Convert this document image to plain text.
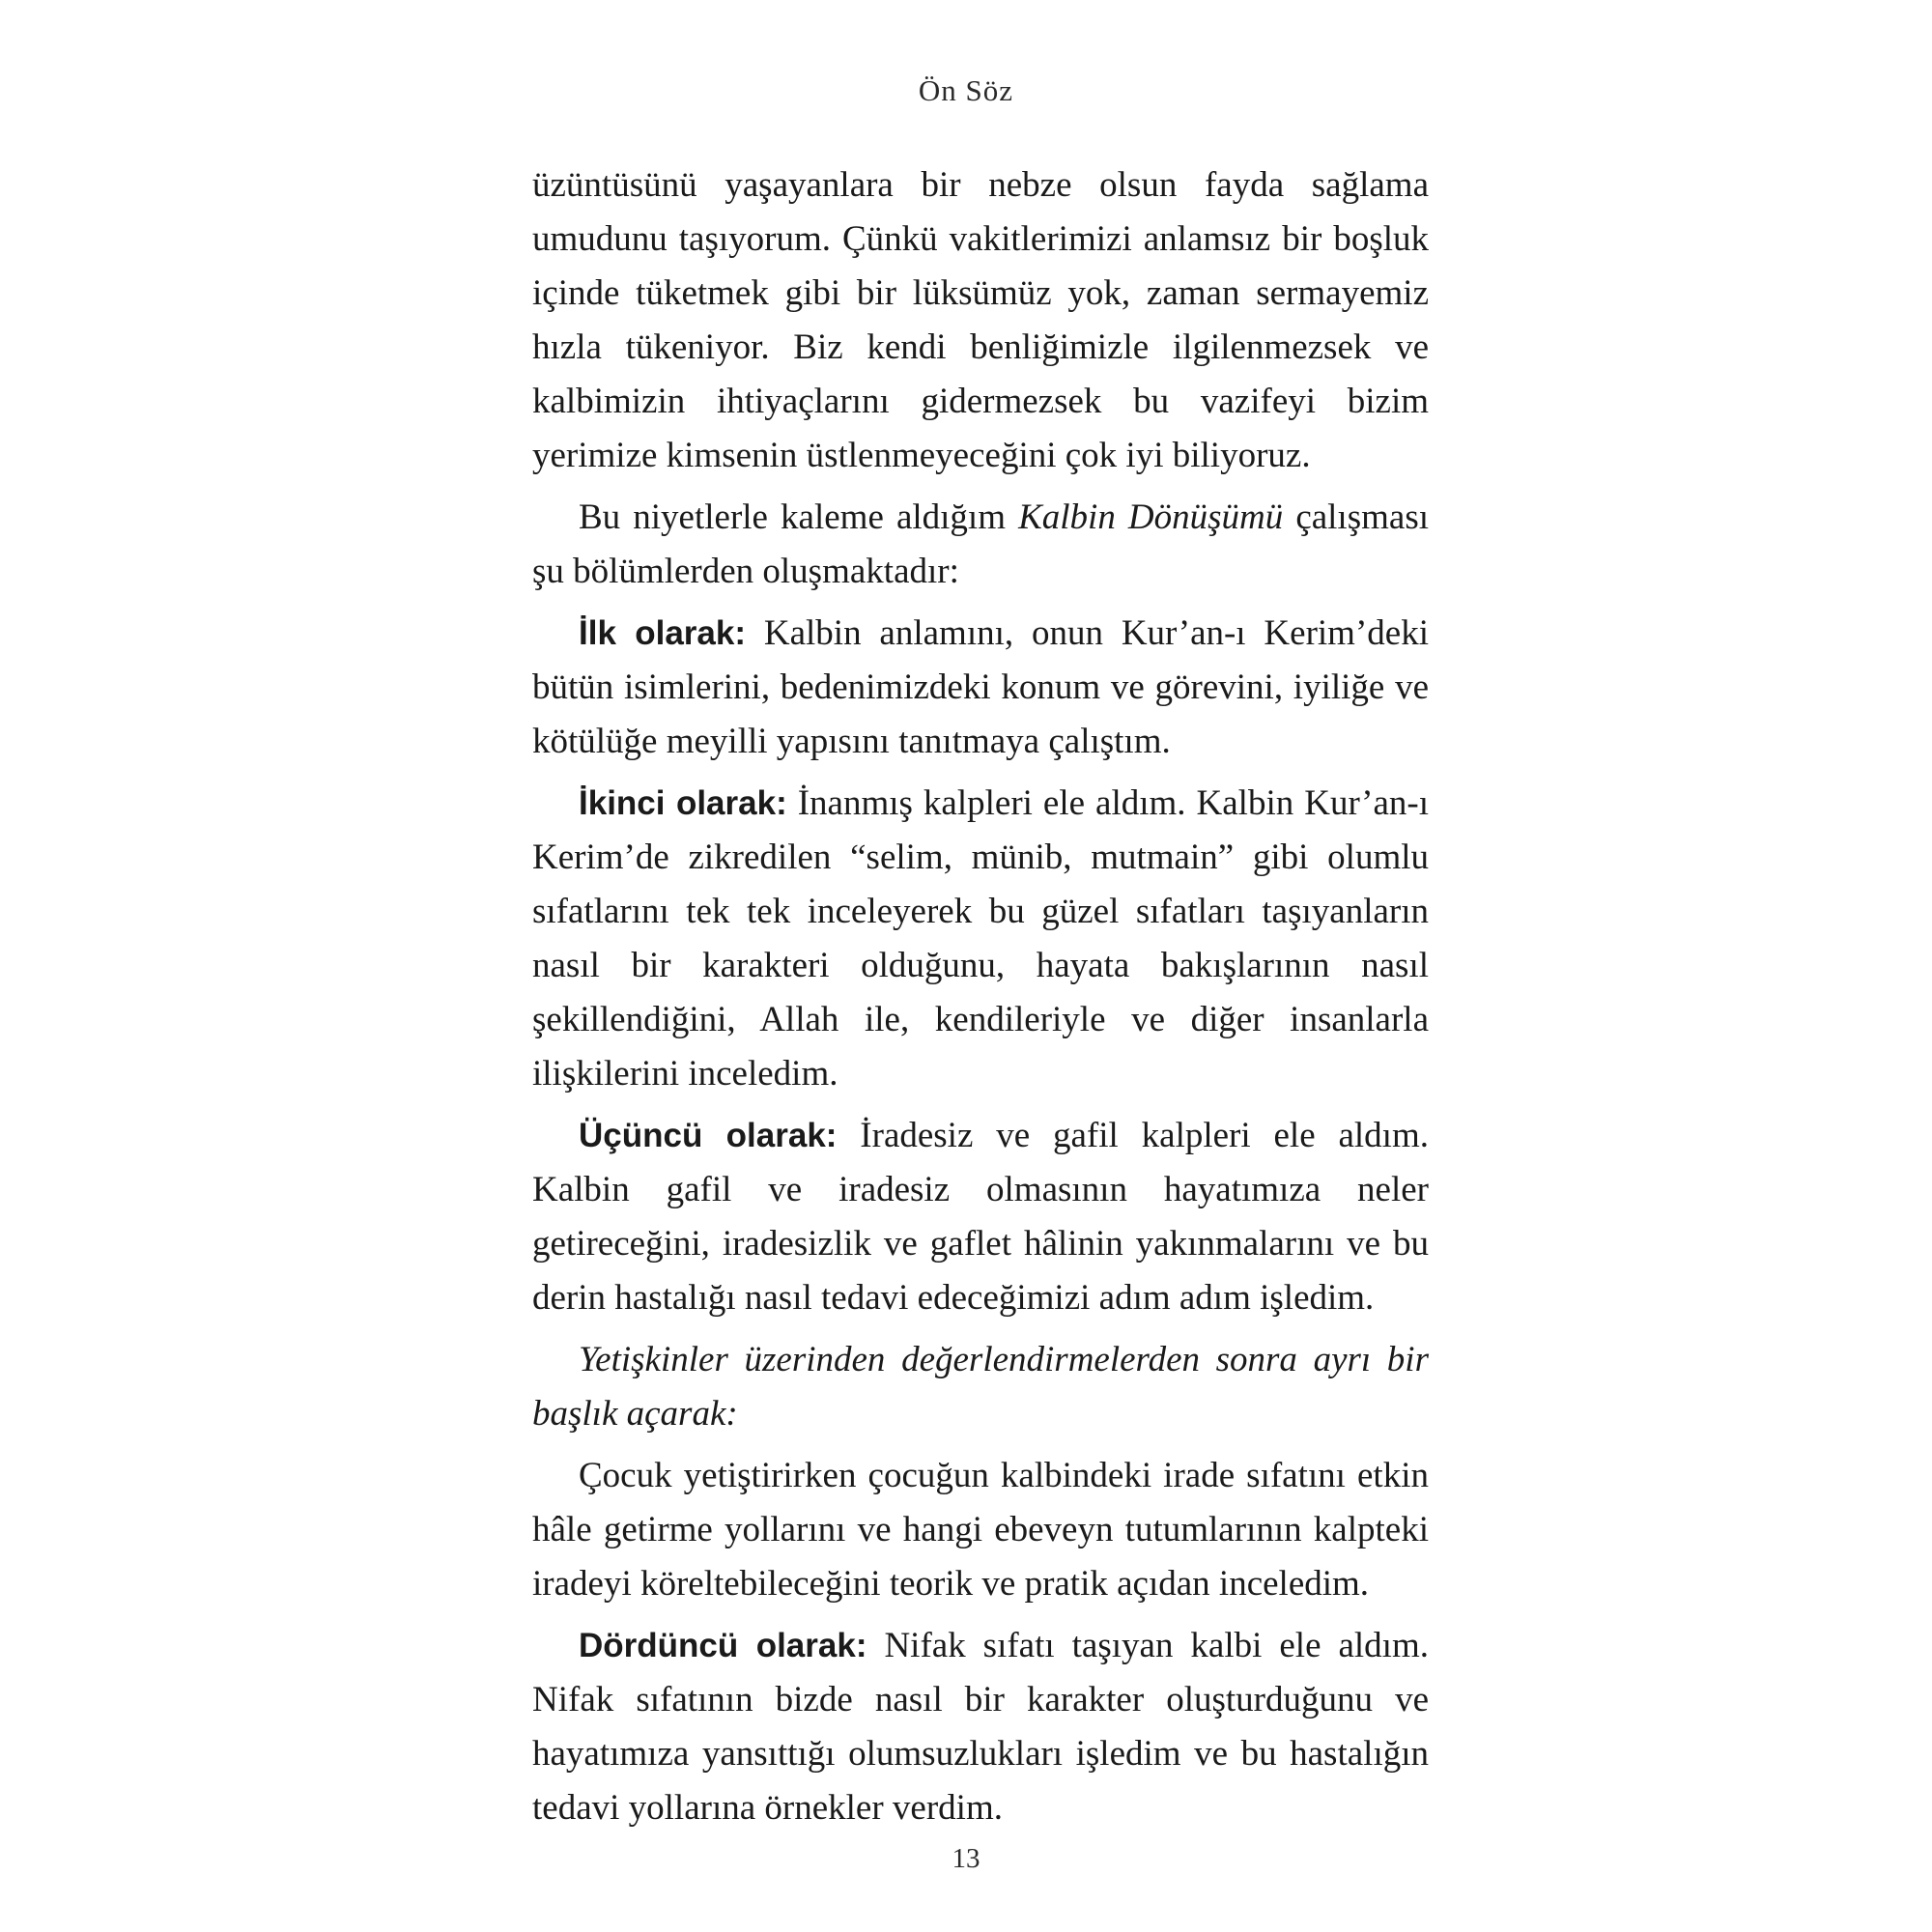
Ön Söz

üzüntüsünü yaşayanlara bir nebze olsun fayda sağlama umudunu taşıyorum. Çünkü vakitlerimizi anlamsız bir boşluk içinde tüketmek gibi bir lüksümüz yok, zaman sermayemiz hızla tükeniyor. Biz kendi benliğimizle ilgilenmezsek ve kalbimizin ihtiyaçlarını gidermezsek bu vazifeyi bizim yerimize kimsenin üstlenmeyeceğini çok iyi biliyoruz.

Bu niyetlerle kaleme aldığım Kalbin Dönüşümü çalışması şu bölümlerden oluşmaktadır:

İlk olarak: Kalbin anlamını, onun Kur’an-ı Kerim’deki bütün isimlerini, bedenimizdeki konum ve görevini, iyiliğe ve kötülüğe meyilli yapısını tanıtmaya çalıştım.

İkinci olarak: İnanmış kalpleri ele aldım. Kalbin Kur’an-ı Kerim’de zikredilen “selim, münib, mutmain” gibi olumlu sıfatlarını tek tek inceleyerek bu güzel sıfatları taşıyanların nasıl bir karakteri olduğunu, hayata bakışlarının nasıl şekillendiğini, Allah ile, kendileriyle ve diğer insanlarla ilişkilerini inceledim.

Üçüncü olarak: İradesiz ve gafil kalpleri ele aldım. Kalbin gafil ve iradesiz olmasının hayatımıza neler getireceğini, iradesizlik ve gaflet hâlinin yakınmalarını ve bu derin hastalığı nasıl tedavi edeceğimizi adım adım işledim.

Yetişkinler üzerinden değerlendirmelerden sonra ayrı bir başlık açarak:

Çocuk yetiştirirken çocuğun kalbindeki irade sıfatını etkin hâle getirme yollarını ve hangi ebeveyn tutumlarının kalpteki iradeyi köreltebileceğini teorik ve pratik açıdan inceledim.

Dördüncü olarak: Nifak sıfatı taşıyan kalbi ele aldım. Nifak sıfatının bizde nasıl bir karakter oluşturduğunu ve hayatımıza yansıttığı olumsuzlukları işledim ve bu hastalığın tedavi yollarına örnekler verdim.

13
